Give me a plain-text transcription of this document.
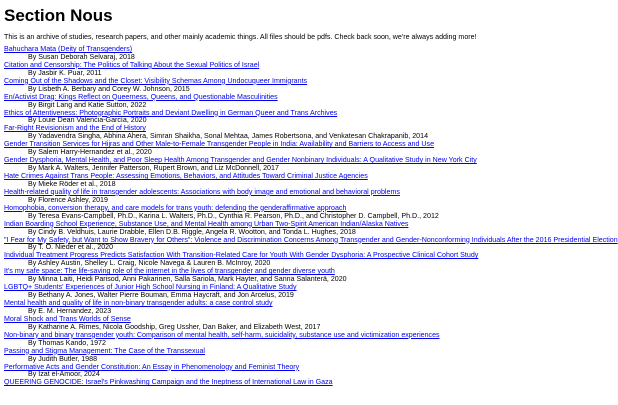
Section Nous

This is an archive of studies, research papers, and other mainly academic things. All files should be pdfs. Check back soon, we're always adding more!

Bahuchara Mata (Deity of Transgenders)
By Susan Deborah Selvaraj, 2018
Citation and Censorship: The Politics of Talking About the Sexual Politics of Israel
By Jasbir K. Puar, 2011
Coming Out of the Shadows and the Closet: Visibility Schemas Among Undocuqueer Immigrants
By Lisbeth A. Berbary and Corey W. Johnson, 2015
En/Activist Drag: Kings Reflect on Queerness, Queens, and Questionable Masculinities
By Birgit Lang and Katie Sutton, 2022
Ethics of Attentiveness: Photographic Portraits and Deviant Dwelling in German Queer and Trans Archives
By Louie Dean Valencia-García, 2020
Far-Right Revisionism and the End of History
By Yadavendra Singha, Abhina Ahera, Simran Shaikha, Sonal Mehtaa, James Robertsona, and Venkatesan Chakrapanib, 2014
Gender Transition Services for Hijras and Other Male-to-Female Transgender People in India: Availability and Barriers to Access and Use
By Salem Harry-Hernandez et al., 2020
Gender Dysphoria, Mental Health, and Poor Sleep Health Among Transgender and Gender Nonbinary Individuals: A Qualitative Study in New York City
By Mark A. Walters, Jennifer Patterson, Rupert Brown, and Liz McDonnell, 2017
Hate Crimes Against Trans People: Assessing Emotions, Behaviors, and Attitudes Toward Criminal Justice Agencies
By Mieke Röder et al., 2018
Health-related quality of life in transgender adolescents: Associations with body image and emotional and behavioral problems
By Florence Ashley, 2019
Homophobia, conversion therapy, and care models for trans youth: defending the genderaffirmative approach
By Teresa Evans-Campbell, Ph.D., Karina L. Walters, Ph.D., Cynthia R. Pearson, Ph.D., and Christopher D. Campbell, Ph.D., 2012
Indian Boarding School Experience, Substance Use, and Mental Health among Urban Two-Spirit American Indian/Alaska Natives
By Cindy B. Veldhuis, Laurie Drabble, Ellen D.B. Riggle, Angela R. Wootton, and Tonda L. Hughes, 2018
"I Fear for My Safety, but Want to Show Bravery for Others": Violence and Discrimination Concerns Among Transgender and Gender-Nonconforming Individuals After the 2016 Presidential Election
By T. O. Nieder et al., 2020
Individual Treatment Progress Predicts Satisfaction With Transition-Related Care for Youth With Gender Dysphoria: A Prospective Clinical Cohort Study
By Ashley Austin, Shelley L. Craig, Nicole Navega & Lauren B. McInroy, 2020
It's my safe space: The life-saving role of the internet in the lives of transgender and gender diverse youth
By Minna Laiti, Heidi Parisod, Anni Pakarinen, Salla Sariola, Mark Hayter, and Sanna Salanterä, 2020
LGBTQ+ Students' Experiences of Junior High School Nursing in Finland: A Qualitative Study
By Bethany A. Jones, Walter Pierre Bouman, Emma Haycraft, and Jon Arcelus, 2019
Mental health and quality of life in non-binary transgender adults: a case control study
By E. M. Hernandez, 2023
Moral Shock and Trans Worlds of Sense
By Katharine A. Rimes, Nicola Goodship, Greg Ussher, Dan Baker, and Elizabeth West, 2017
Non-binary and binary transgender youth: Comparison of mental health, self-harm, suicidality, substance use and victimization experiences
By Thomas Kando, 1972
Passing and Stigma Management: The Case of the Transsexual
By Judith Butler, 1988
Performative Acts and Gender Constitution: An Essay in Phenomenology and Feminist Theory
By Izat el-Amoor, 2024
QUEERING GENOCIDE: Israel's Pinkwashing Campaign and the Ineptness of International Law in Gaza
